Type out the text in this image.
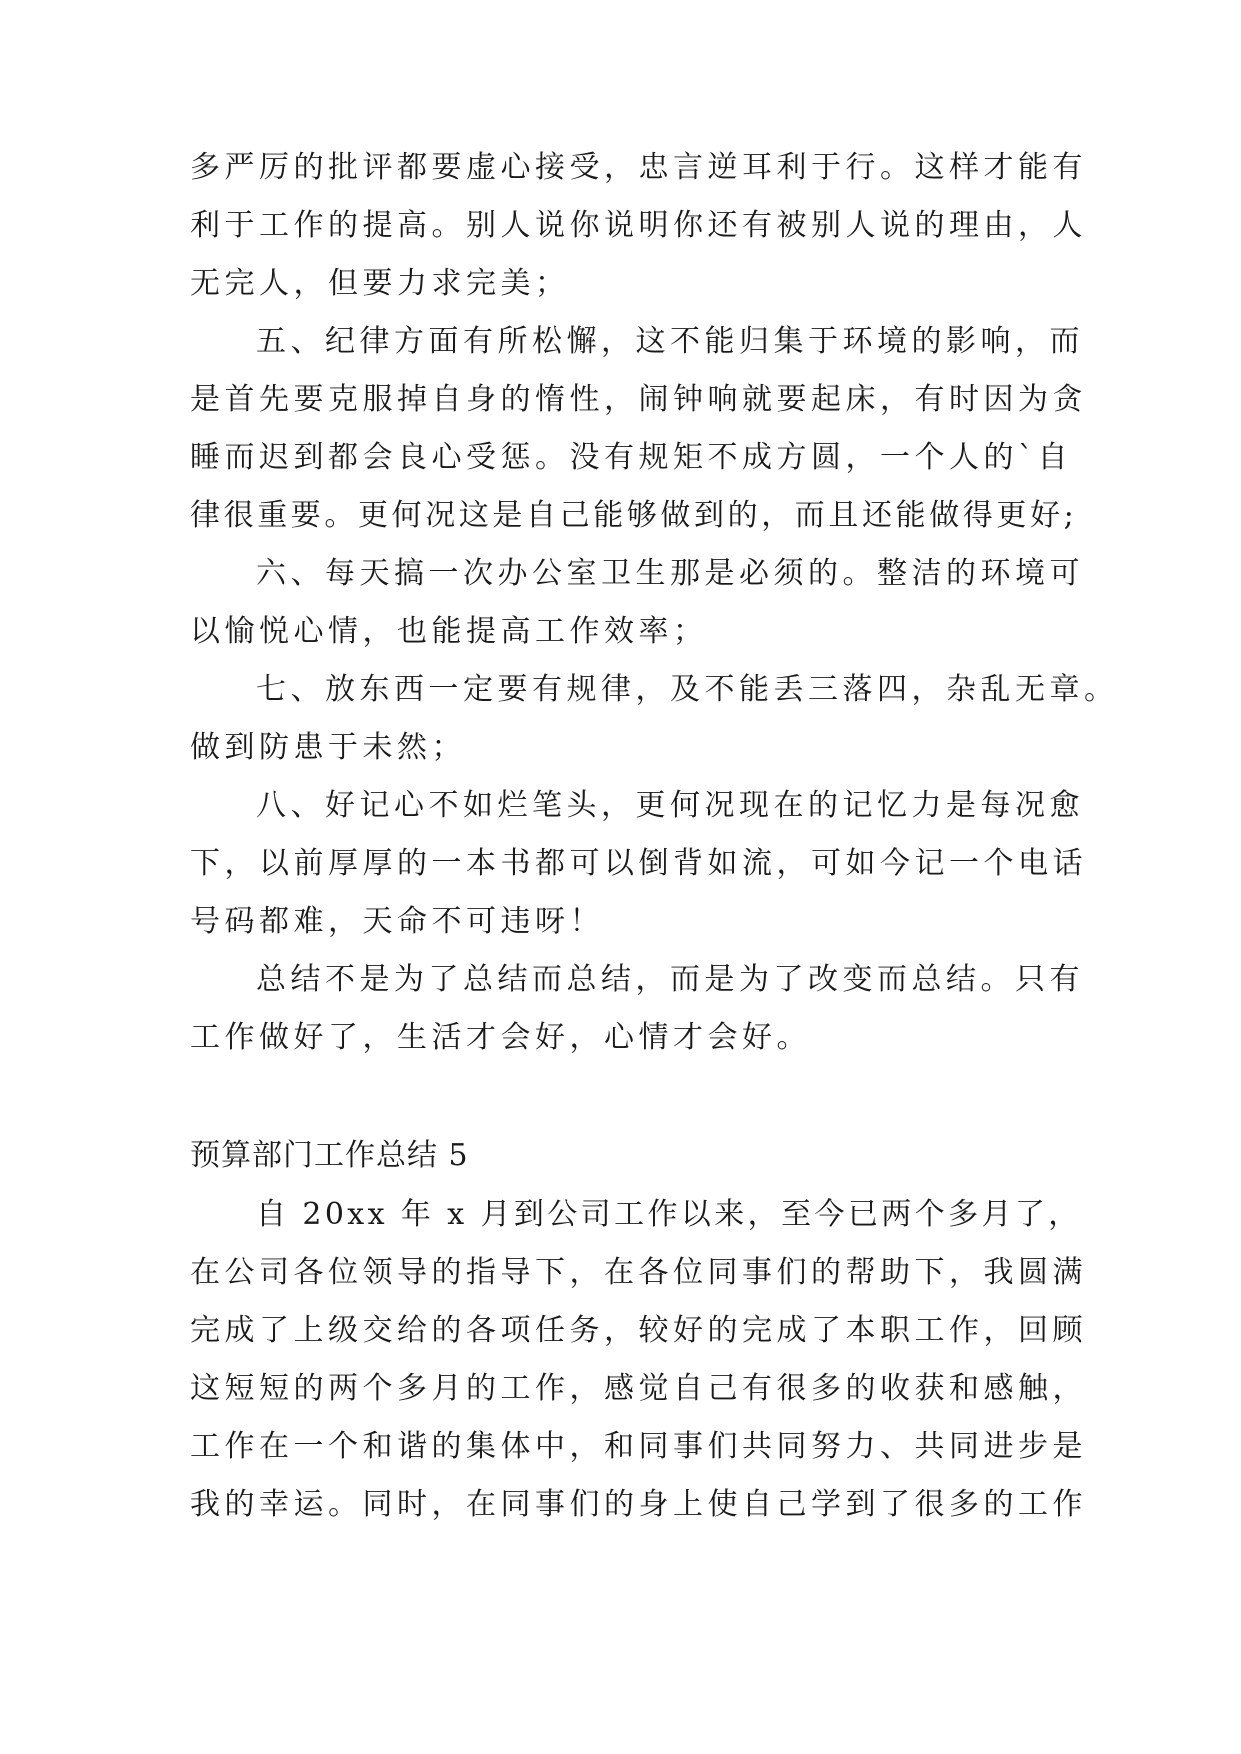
多严厉的批评都要虚心接受，忠言逆耳利于行。这样才能有
利于工作的提高。别人说你说明你还有被别人说的理由，人
无完人，但要力求完美；
五、纪律方面有所松懈，这不能归集于环境的影响，而
是首先要克服掉自身的惰性，闹钟响就要起床，有时因为贪
睡而迟到都会良心受惩。没有规矩不成方圆，一个人的`自
律很重要。更何况这是自己能够做到的，而且还能做得更好;
六、每天搞一次办公室卫生那是必须的。整洁的环境可
以愉悦心情，也能提高工作效率；
七、放东西一定要有规律，及不能丢三落四，杂乱无章。
做到防患于未然；
八、好记心不如烂笔头，更何况现在的记忆力是每况愈
下，以前厚厚的一本书都可以倒背如流，可如今记一个电话
号码都难，天命不可违呀！
总结不是为了总结而总结，而是为了改变而总结。只有
工作做好了，生活才会好，心情才会好。
预算部门工作总结 5
自 20xx 年 x 月到公司工作以来，至今已两个多月了，
在公司各位领导的指导下，在各位同事们的帮助下，我圆满
完成了上级交给的各项任务，较好的完成了本职工作，回顾
这短短的两个多月的工作，感觉自己有很多的收获和感触，
工作在一个和谐的集体中，和同事们共同努力、共同进步是
我的幸运。同时，在同事们的身上使自己学到了很多的工作
